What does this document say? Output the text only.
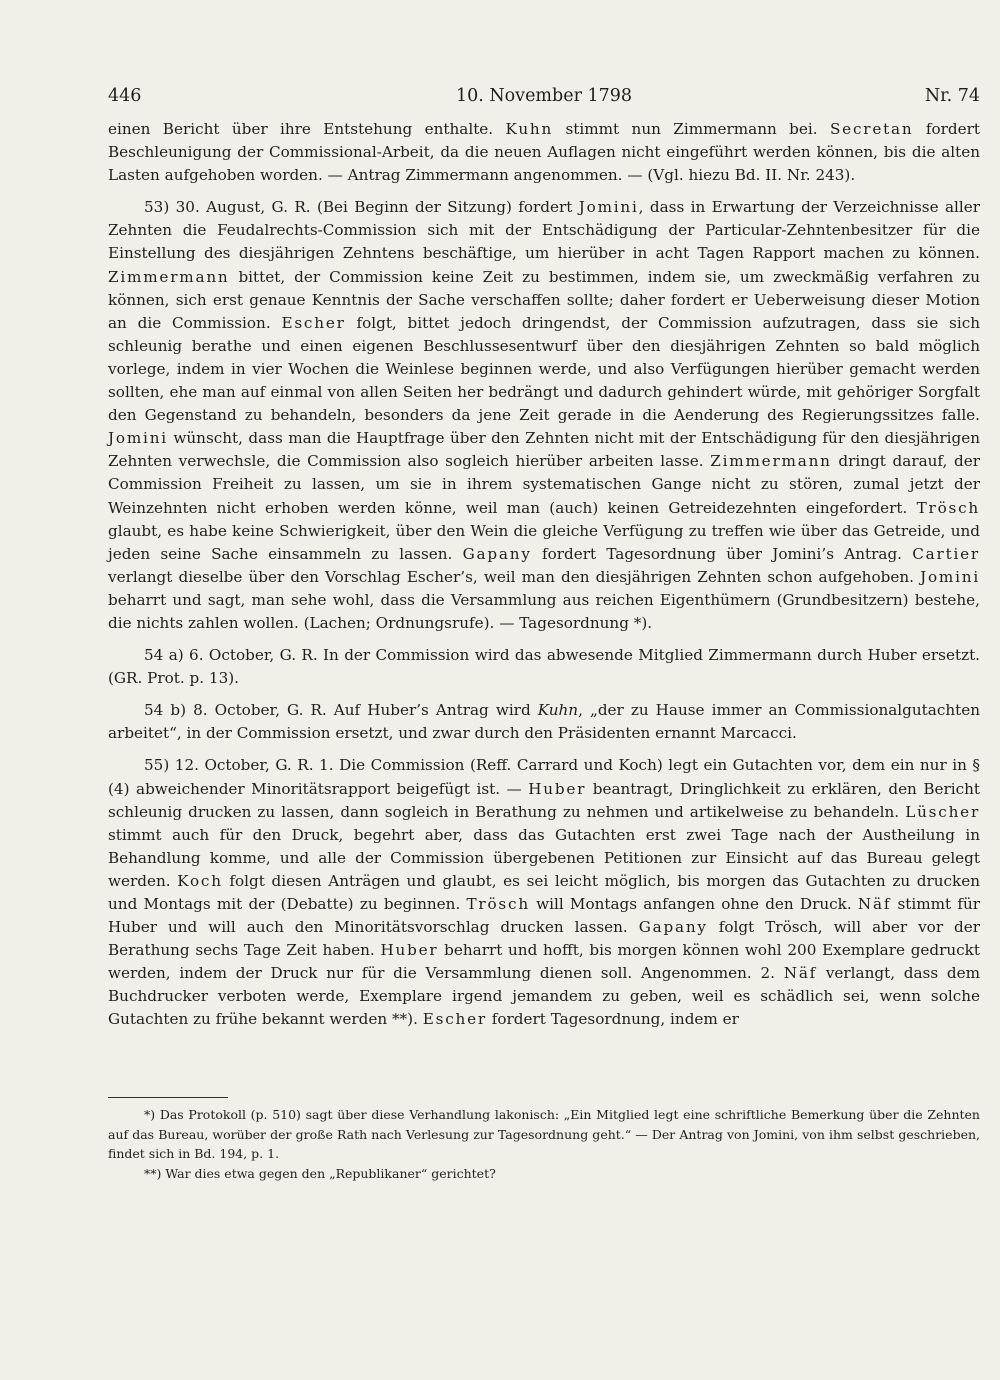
446	10. November 1798	Nr. 74

einen Bericht über ihre Entstehung enthalte. Kuhn stimmt nun Zimmermann bei. Secretan fordert Beschleunigung der Commissional-Arbeit, da die neuen Auflagen nicht eingeführt werden können, bis die alten Lasten aufgehoben worden. — Antrag Zimmermann angenommen. — (Vgl. hiezu Bd. II. Nr. 243).

53) 30. August, G. R. (Bei Beginn der Sitzung) fordert Jomini, dass in Erwartung der Verzeichnisse aller Zehnten die Feudalrechts-Commission sich mit der Entschädigung der Particular-Zehntenbesitzer für die Einstellung des diesjährigen Zehntens beschäftige, um hierüber in acht Tagen Rapport machen zu können. Zimmermann bittet, der Commission keine Zeit zu bestimmen, indem sie, um zweckmäßig verfahren zu können, sich erst genaue Kenntnis der Sache verschaffen sollte; daher fordert er Ueberweisung dieser Motion an die Commission. Escher folgt, bittet jedoch dringendst, der Commission aufzutragen, dass sie sich schleunig berathe und einen eigenen Beschlussesentwurf über den diesjährigen Zehnten so bald möglich vorlege, indem in vier Wochen die Weinlese beginnen werde, und also Verfügungen hierüber gemacht werden sollten, ehe man auf einmal von allen Seiten her bedrängt und dadurch gehindert würde, mit gehöriger Sorgfalt den Gegenstand zu behandeln, besonders da jene Zeit gerade in die Aenderung des Regierungssitzes falle. Jomini wünscht, dass man die Hauptfrage über den Zehnten nicht mit der Entschädigung für den diesjährigen Zehnten verwechsle, die Commission also sogleich hierüber arbeiten lasse. Zimmermann dringt darauf, der Commission Freiheit zu lassen, um sie in ihrem systematischen Gange nicht zu stören, zumal jetzt der Weinzehnten nicht erhoben werden könne, weil man (auch) keinen Getreidezehnten eingefordert. Trösch glaubt, es habe keine Schwierigkeit, über den Wein die gleiche Verfügung zu treffen wie über das Getreide, und jeden seine Sache einsammeln zu lassen. Gapany fordert Tagesordnung über Jomini’s Antrag. Cartier verlangt dieselbe über den Vorschlag Escher’s, weil man den diesjährigen Zehnten schon aufgehoben. Jomini beharrt und sagt, man sehe wohl, dass die Versammlung aus reichen Eigenthümern (Grundbesitzern) bestehe, die nichts zahlen wollen. (Lachen; Ordnungsrufe). — Tagesordnung *).

54 a) 6. October, G. R. In der Commission wird das abwesende Mitglied Zimmermann durch Huber ersetzt. (GR. Prot. p. 13).

54 b) 8. October, G. R. Auf Huber’s Antrag wird Kuhn, „der zu Hause immer an Commissionalgutachten arbeitet“, in der Commission ersetzt, und zwar durch den Präsidenten ernannt Marcacci.

55) 12. October, G. R. 1. Die Commission (Reff. Carrard und Koch) legt ein Gutachten vor, dem ein nur in § (4) abweichender Minoritätsrapport beigefügt ist. — Huber beantragt, Dringlichkeit zu erklären, den Bericht schleunig drucken zu lassen, dann sogleich in Berathung zu nehmen und artikelweise zu behandeln. Lüscher stimmt auch für den Druck, begehrt aber, dass das Gutachten erst zwei Tage nach der Austheilung in Behandlung komme, und alle der Commission übergebenen Petitionen zur Einsicht auf das Bureau gelegt werden. Koch folgt diesen Anträgen und glaubt, es sei leicht möglich, bis morgen das Gutachten zu drucken und Montags mit der (Debatte) zu beginnen. Trösch will Montags anfangen ohne den Druck. Näf stimmt für Huber und will auch den Minoritätsvorschlag drucken lassen. Gapany folgt Trösch, will aber vor der Berathung sechs Tage Zeit haben. Huber beharrt und hofft, bis morgen können wohl 200 Exemplare gedruckt werden, indem der Druck nur für die Versammlung dienen soll. Angenommen. 2. Näf verlangt, dass dem Buchdrucker verboten werde, Exemplare irgend jemandem zu geben, weil es schädlich sei, wenn solche Gutachten zu frühe bekannt werden **). Escher fordert Tagesordnung, indem er

*) Das Protokoll (p. 510) sagt über diese Verhandlung lakonisch: „Ein Mitglied legt eine schriftliche Bemerkung über die Zehnten auf das Bureau, worüber der große Rath nach Verlesung zur Tagesordnung geht.“ — Der Antrag von Jomini, von ihm selbst geschrieben, findet sich in Bd. 194, p. 1.

**) War dies etwa gegen den „Republikaner“ gerichtet?
